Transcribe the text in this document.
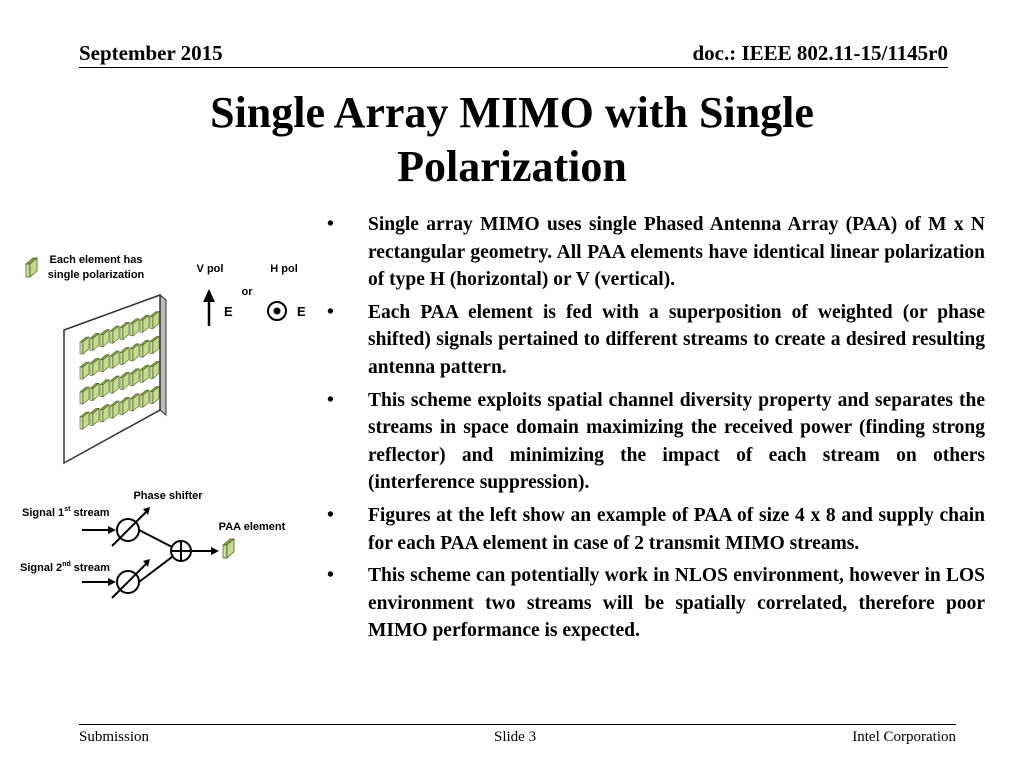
September 2015	doc.: IEEE 802.11-15/1145r0
Single Array MIMO with Single
Polarization
Each element has
single polarization	V pol	H pol
or
E	E
Phase shifter
PAA element
Signal 1st stream
Signal 2nd stream
• Single array MIMO uses single Phased Antenna Array (PAA) of M x N rectangular geometry. All PAA elements have identical linear polarization of type H (horizontal) or V (vertical).
• Each PAA element is fed with a superposition of weighted (or phase shifted) signals pertained to different streams to create a desired resulting antenna pattern.
• This scheme exploits spatial channel diversity property and separates the streams in space domain maximizing the received power (finding strong reflector) and minimizing the impact of each stream on others (interference suppression).
• Figures at the left show an example of PAA of size 4 x 8 and supply chain for each PAA element in case of 2 transmit MIMO streams.
• This scheme can potentially work in NLOS environment, however in LOS environment two streams will be spatially correlated, therefore poor MIMO performance is expected.
Submission	Slide 3	Intel Corporation
